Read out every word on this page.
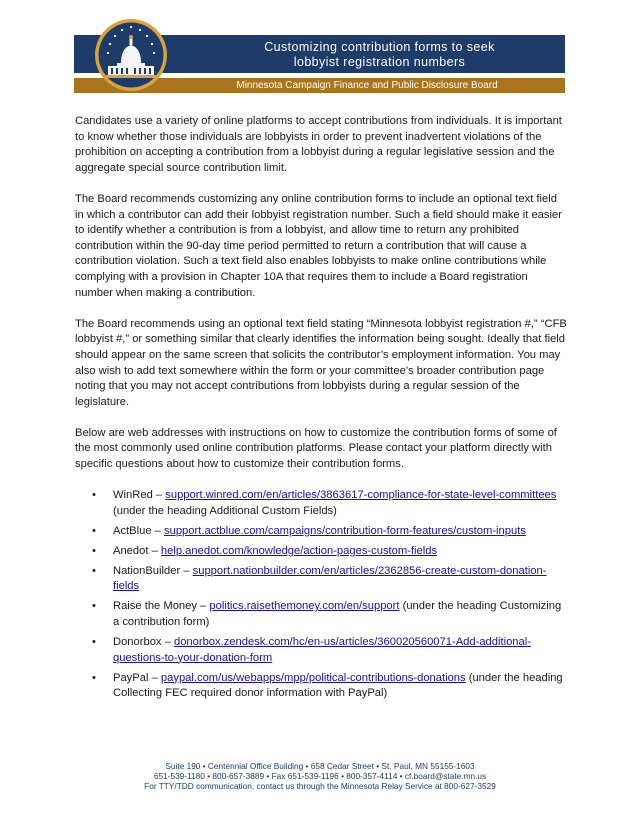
Customizing contribution forms to seek
lobbyist registration numbers
Minnesota Campaign Finance and Public Disclosure Board

Candidates use a variety of online platforms to accept contributions from individuals. It is important to know whether those individuals are lobbyists in order to prevent inadvertent violations of the prohibition on accepting a contribution from a lobbyist during a regular legislative session and the aggregate special source contribution limit.

The Board recommends customizing any online contribution forms to include an optional text field in which a contributor can add their lobbyist registration number. Such a field should make it easier to identify whether a contribution is from a lobbyist, and allow time to return any prohibited contribution within the 90-day time period permitted to return a contribution that will cause a contribution violation. Such a text field also enables lobbyists to make online contributions while complying with a provision in Chapter 10A that requires them to include a Board registration number when making a contribution.

The Board recommends using an optional text field stating “Minnesota lobbyist registration #,” “CFB lobbyist #,” or something similar that clearly identifies the information being sought. Ideally that field should appear on the same screen that solicits the contributor’s employment information. You may also wish to add text somewhere within the form or your committee’s broader contribution page noting that you may not accept contributions from lobbyists during a regular session of the legislature.

Below are web addresses with instructions on how to customize the contribution forms of some of the most commonly used online contribution platforms. Please contact your platform directly with specific questions about how to customize their contribution forms.

• WinRed – support.winred.com/en/articles/3863617-compliance-for-state-level-committees (under the heading Additional Custom Fields)
• ActBlue – support.actblue.com/campaigns/contribution-form-features/custom-inputs
• Anedot – help.anedot.com/knowledge/action-pages-custom-fields
• NationBuilder – support.nationbuilder.com/en/articles/2362856-create-custom-donation-fields
• Raise the Money – politics.raisethemoney.com/en/support (under the heading Customizing a contribution form)
• Donorbox – donorbox.zendesk.com/hc/en-us/articles/360020560071-Add-additional-questions-to-your-donation-form
• PayPal – paypal.com/us/webapps/mpp/political-contributions-donations (under the heading Collecting FEC required donor information with PayPal)
Suite 190 • Centennial Office Building • 658 Cedar Street • St. Paul, MN 55155-1603
651-539-1180 • 800-657-3889 • Fax 651-539-1196 • 800-357-4114 • cf.board@state.mn.us
For TTY/TDD communication, contact us through the Minnesota Relay Service at 800-627-3529
